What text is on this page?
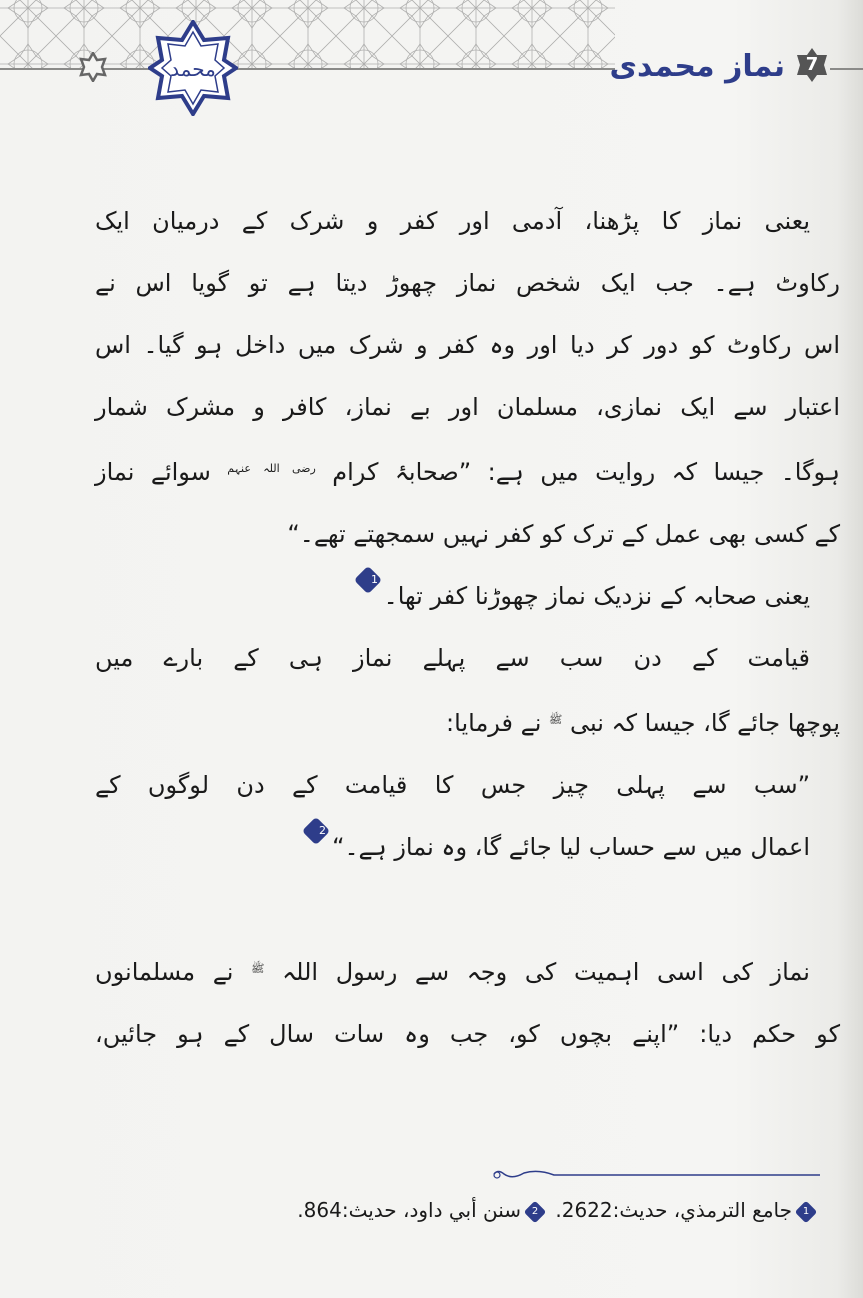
محمد	نماز محمدی	7
یعنی نماز کا پڑھنا، آدمی اور کفر و شرک کے درمیان ایک
رکاوٹ ہے۔ جب ایک شخص نماز چھوڑ دیتا ہے تو گویا اس نے
اس رکاوٹ کو دور کر دیا اور وہ کفر و شرک میں داخل ہو گیا۔ اس
اعتبار سے ایک نمازی، مسلمان اور بے نماز، کافر و مشرک شمار
ہوگا۔ جیسا کہ روایت میں ہے: ”صحابۂ کرام $^{رضی اللہ عنہم}$ سوائے نماز
کے کسی بھی عمل کے ترک کو کفر نہیں سمجھتے تھے۔“
یعنی صحابہ کے نزدیک نماز چھوڑنا کفر تھا۔
1
قیامت کے دن سب سے پہلے نماز ہی کے بارے میں
پوچھا جائے گا، جیسا کہ نبی $^ﷺ$ نے فرمایا:
”سب سے پہلی چیز جس کا قیامت کے دن لوگوں کے
اعمال میں سے حساب لیا جائے گا، وہ نماز ہے۔“
2
نماز کی اسی اہمیت کی وجہ سے رسول اللہ $^ﷺ$ نے مسلمانوں
کو حکم دیا: ”اپنے بچوں کو، جب وہ سات سال کے ہو جائیں،
1
جامع الترمذي، حديث:2622.
2
سنن أبي داود، حديث:864.
